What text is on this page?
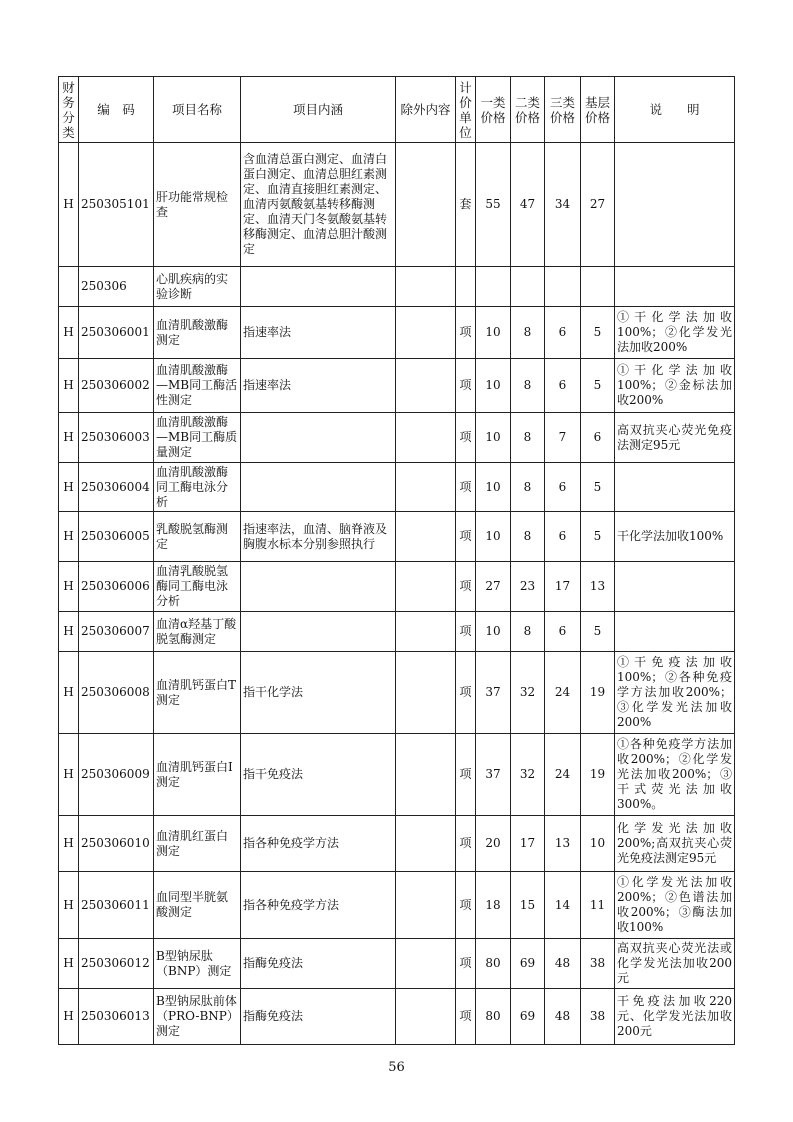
财务分类	编　码	项目名称	项目内涵	除外内容	计价单位	一类价格	二类价格	三类价格	基层价格	说　　明
H	250305101	肝功能常规检查	含血清总蛋白测定、血清白蛋白测定、血清总胆红素测定、血清直接胆红素测定、血清丙氨酸氨基转移酶测定、血清天门冬氨酸氨基转移酶测定、血清总胆汁酸测定		套	55	47	34	27	
	250306	心肌疾病的实验诊断								
H	250306001	血清肌酸激酶测定	指速率法		项	10	8	6	5	①干化学法加收100%；②化学发光法加收200%
H	250306002	血清肌酸激酶—MB同工酶活性测定	指速率法		项	10	8	6	5	①干化学法加收100%；②金标法加收200%
H	250306003	血清肌酸激酶—MB同工酶质量测定			项	10	8	7	6	高双抗夹心荧光免疫法测定95元
H	250306004	血清肌酸激酶同工酶电泳分析			项	10	8	6	5	
H	250306005	乳酸脱氢酶测定	指速率法，血清、脑脊液及胸腹水标本分别参照执行		项	10	8	6	5	干化学法加收100%
H	250306006	血清乳酸脱氢酶同工酶电泳分析			项	27	23	17	13	
H	250306007	血清α羟基丁酸脱氢酶测定			项	10	8	6	5	
H	250306008	血清肌钙蛋白T测定	指干化学法		项	37	32	24	19	①干免疫法加收100%；②各种免疫学方法加收200%；③化学发光法加收200%
H	250306009	血清肌钙蛋白Ⅰ测定	指干免疫法		项	37	32	24	19	①各种免疫学方法加收200%；②化学发光法加收200%；③干式荧光法加收300%。
H	250306010	血清肌红蛋白测定	指各种免疫学方法		项	20	17	13	10	化学发光法加收200%;高双抗夹心荧光免疫法测定95元
H	250306011	血同型半胱氨酸测定	指各种免疫学方法		项	18	15	14	11	①化学发光法加收200%；②色谱法加收200%；③酶法加收100%
H	250306012	B型钠尿肽（BNP）测定	指酶免疫法		项	80	69	48	38	高双抗夹心荧光法或化学发光法加收200元
H	250306013	B型钠尿肽前体（PRO-BNP）测定	指酶免疫法		项	80	69	48	38	干免疫法加收220元、化学发光法加收200元
56
